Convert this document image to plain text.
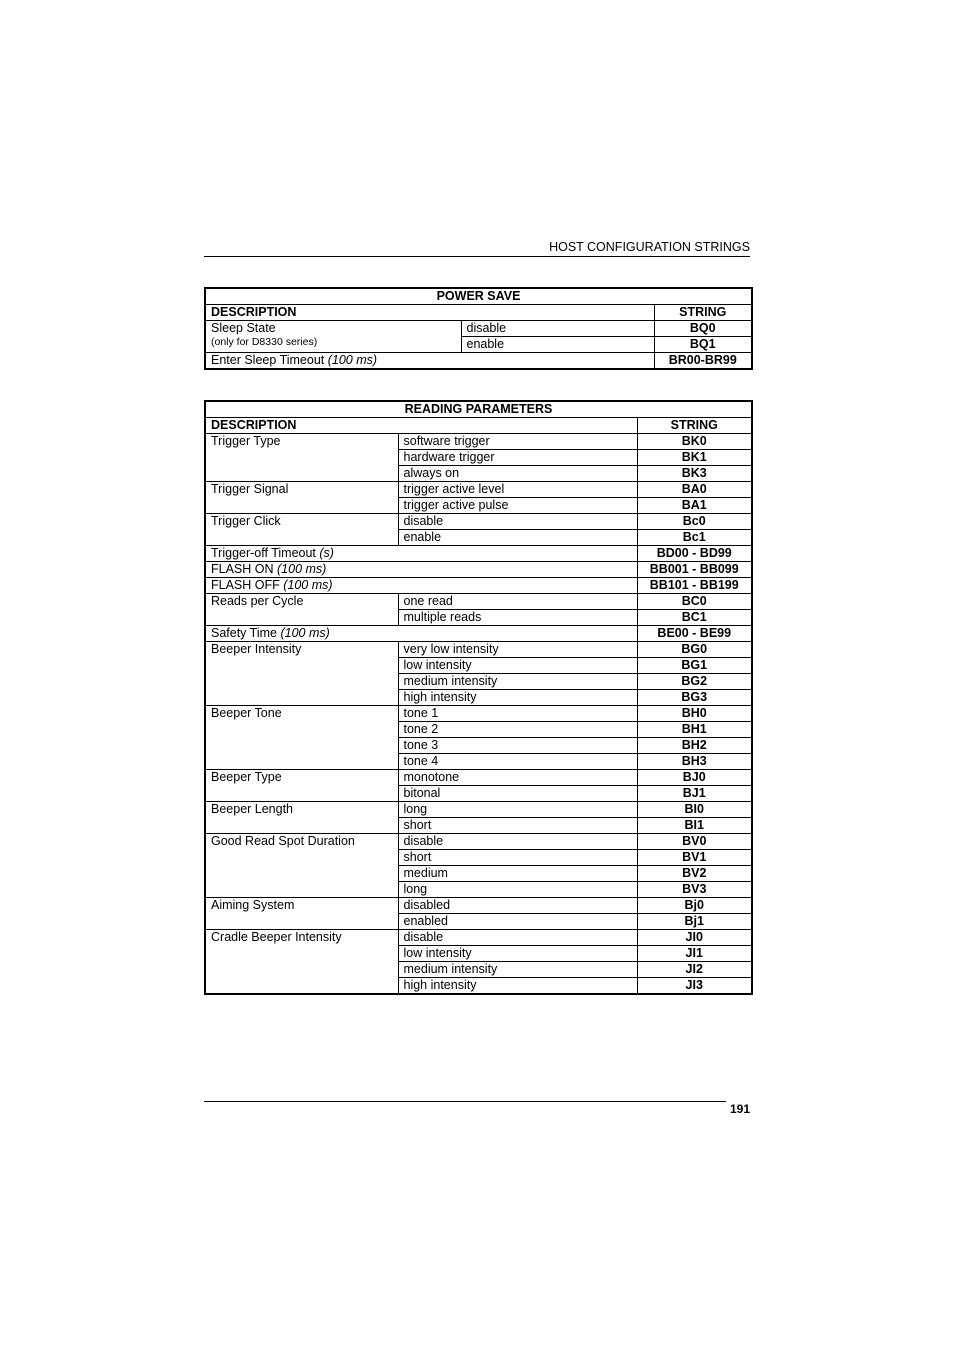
HOST CONFIGURATION STRINGS
POWER SAVE		
DESCRIPTION		STRING

Sleep State
(only for D8330 series)	disable	BQ0
	enable	BQ1
Enter Sleep Timeout (100 ms)		BR00-BR99
READING PARAMETERS		
DESCRIPTION		STRING
Trigger Type	software trigger	BK0
	hardware trigger	BK1
	always on	BK3
Trigger Signal	trigger active level	BA0
	trigger active pulse	BA1
Trigger Click	disable	Bc0
	enable	Bc1
Trigger-off Timeout (s)		BD00 - BD99
FLASH ON (100 ms)		BB001 - BB099
FLASH OFF (100 ms)		BB101 - BB199
Reads per Cycle	one read	BC0
	multiple reads	BC1
Safety Time (100 ms)		BE00 - BE99
Beeper Intensity	very low intensity	BG0
	low intensity	BG1
	medium intensity	BG2
	high intensity	BG3
Beeper Tone	tone 1	BH0
	tone 2	BH1
	tone 3	BH2
	tone 4	BH3
Beeper Type	monotone	BJ0
	bitonal	BJ1
Beeper Length	long	BI0
	short	BI1
Good Read Spot Duration	disable	BV0
	short	BV1
	medium	BV2
	long	BV3
Aiming System	disabled	Bj0
	enabled	Bj1
Cradle Beeper Intensity	disable	JI0
	low intensity	JI1
	medium intensity	JI2
	high intensity	JI3
191
